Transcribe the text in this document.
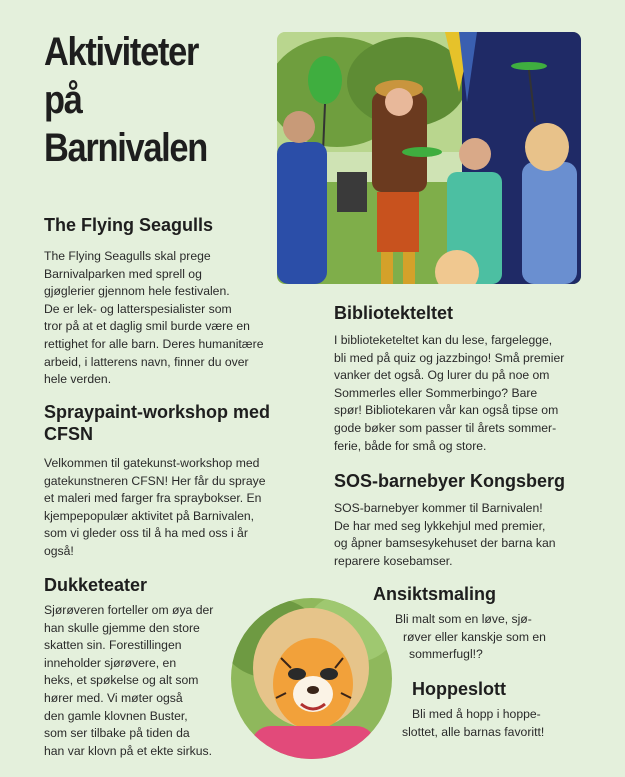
Aktiviteter på
Barnivalen
The Flying Seagulls
The Flying Seagulls skal prege
Barnivalparken med sprell og
gjøglerier gjennom hele festivalen.
De er lek- og latterspesialister som
tror på at et daglig smil burde være en
rettighet for alle barn. Deres humanitære
arbeid, i latterens navn, finner du over
hele verden.
Spraypaint-workshop med
CFSN
Velkommen til gatekunst-workshop med
gatekunstneren CFSN! Her får du sprayе
et maleri med farger fra spraybokser. En
kjempepopulær aktivitet på Barnivalen,
som vi gleder oss til å ha med oss i år
også!
Dukketeater
Sjørøveren forteller om øya der
han skulle gjemme den store
skatten sin. Forestillingen
inneholder sjørøvere, en
heks, et spøkelse og alt som
hører med. Vi møter også
den gamle klovnen Buster,
som ser tilbake på tiden da
han var klovn på et ekte sirkus.
Bibliotekteltet
I biblioteketeltet kan du lese, fargelegge,
bli med på quiz og jazzbingo! Små premier
vanker det også. Og lurer du på noe om
Sommerles eller Sommerbingo? Bare
spør! Bibliotekaren vår kan også tipse om
gode bøker som passer til årets sommer-
ferie, både for små og store.
SOS-barnebyer Kongsberg
SOS-barnebyer kommer til Barnivalen!
De har med seg lykkehjul med premier,
og åpner bamsesykehuset der barna kan
reparere kosebamser.
Ansiktsmaling
Bli malt som en løve, sjø-
røver eller kanskje som en
sommerfugl!?
Hoppeslott
Bli med å hopp i hoppe-
slottet, alle barnas favoritt!
